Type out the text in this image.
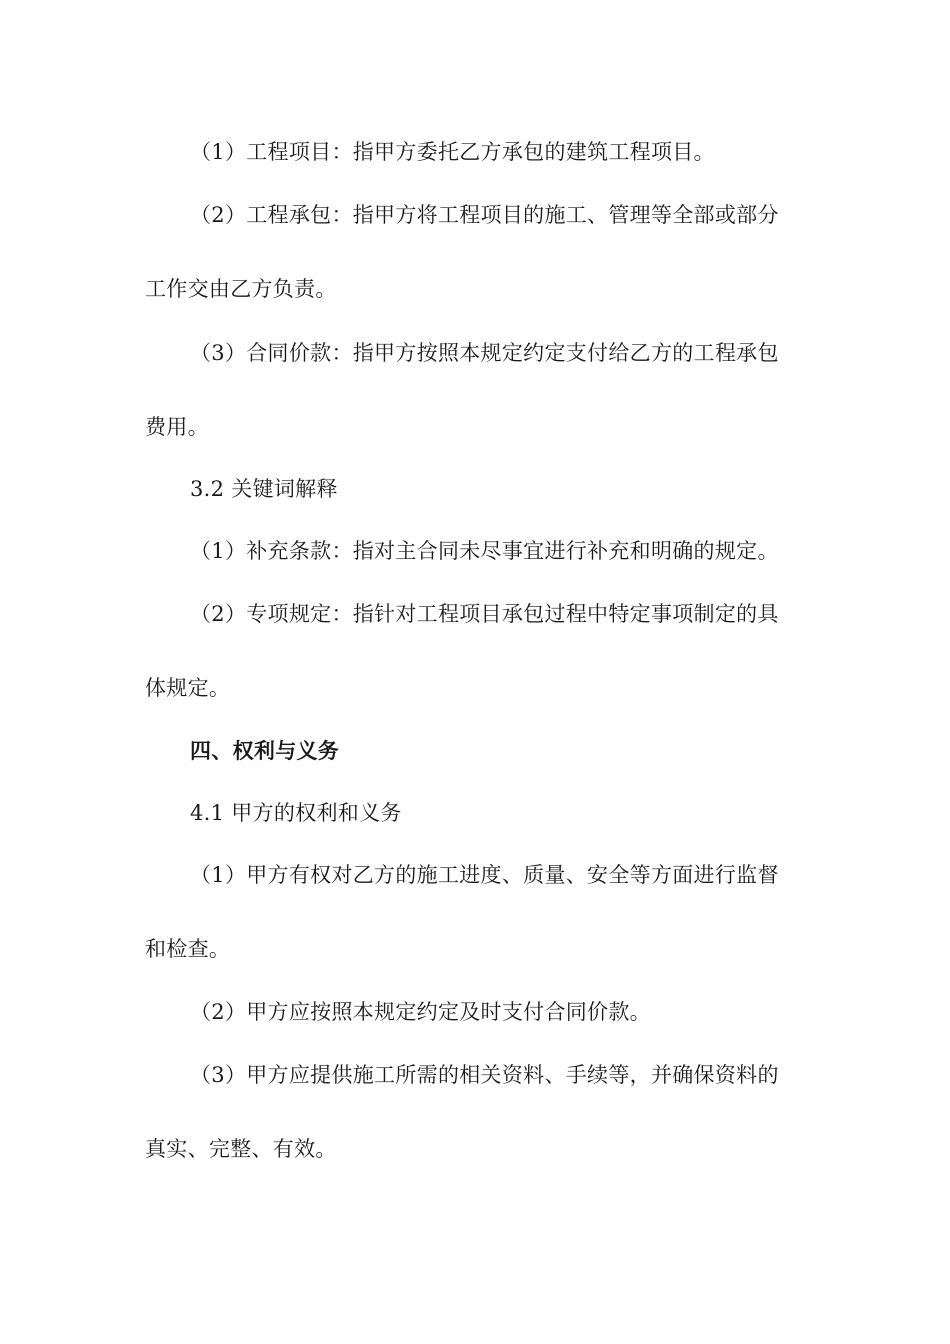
（1）工程项目：指甲方委托乙方承包的建筑工程项目。
（2）工程承包：指甲方将工程项目的施工、管理等全部或部分
工作交由乙方负责。
（3）合同价款：指甲方按照本规定约定支付给乙方的工程承包
费用。
3.2 关键词解释
（1）补充条款：指对主合同未尽事宜进行补充和明确的规定。
（2）专项规定：指针对工程项目承包过程中特定事项制定的具
体规定。
四、权利与义务
4.1 甲方的权利和义务
（1）甲方有权对乙方的施工进度、质量、安全等方面进行监督
和检查。
（2）甲方应按照本规定约定及时支付合同价款。
（3）甲方应提供施工所需的相关资料、手续等，并确保资料的
真实、完整、有效。
